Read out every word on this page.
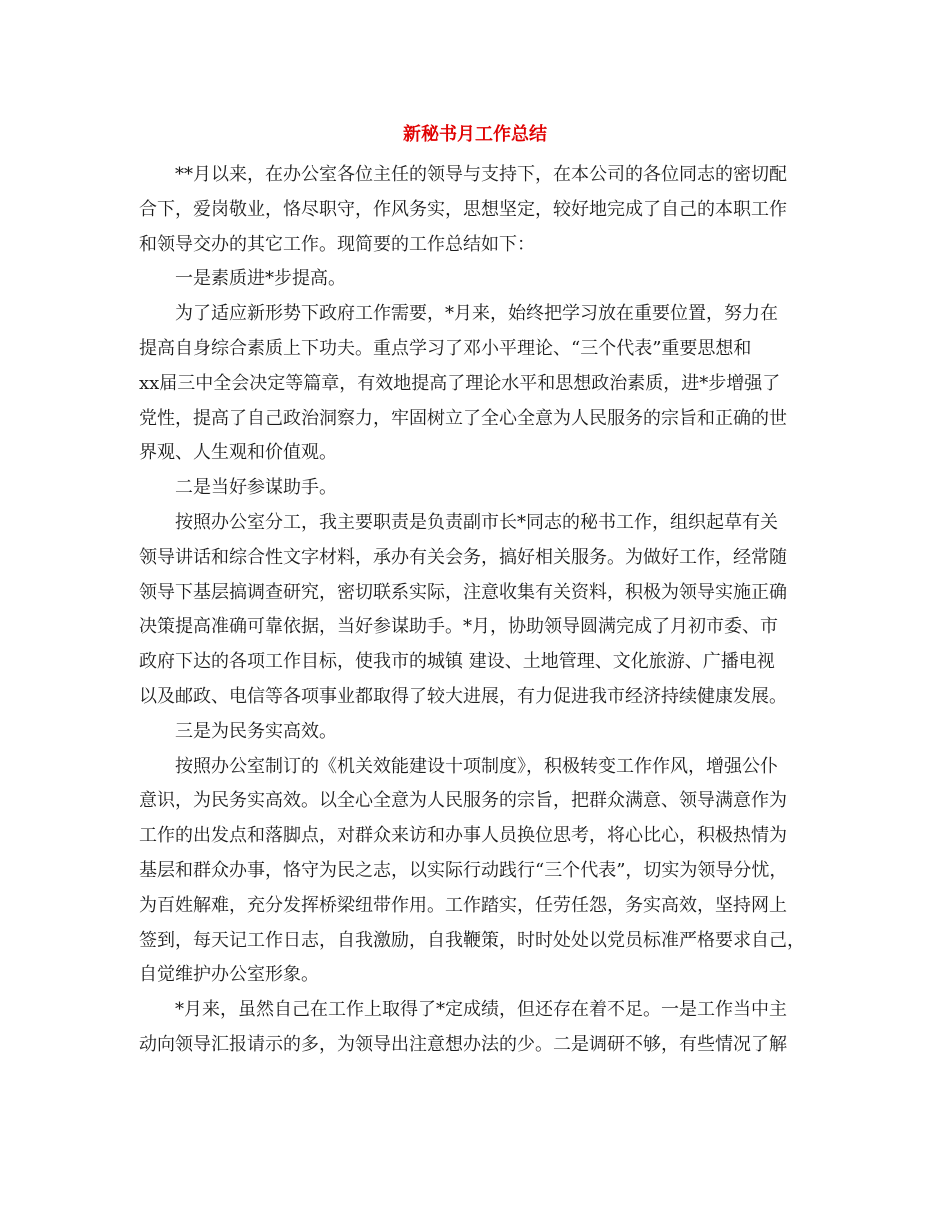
新秘书月工作总结

**月以来，在办公室各位主任的领导与支持下，在本公司的各位同志的密切配
合下，爱岗敬业，恪尽职守，作风务实，思想坚定，较好地完成了自己的本职工作
和领导交办的其它工作。现简要的工作总结如下：

一是素质进*步提高。

为了适应新形势下政府工作需要，*月来，始终把学习放在重要位置，努力在
提高自身综合素质上下功夫。重点学习了邓小平理论、“三个代表”重要思想和
xx届三中全会决定等篇章，有效地提高了理论水平和思想政治素质，进*步增强了
党性，提高了自己政治洞察力，牢固树立了全心全意为人民服务的宗旨和正确的世
界观、人生观和价值观。

二是当好参谋助手。

按照办公室分工，我主要职责是负责副市长*同志的秘书工作，组织起草有关
领导讲话和综合性文字材料，承办有关会务，搞好相关服务。为做好工作，经常随
领导下基层搞调查研究，密切联系实际，注意收集有关资料，积极为领导实施正确
决策提高准确可靠依据，当好参谋助手。*月，协助领导圆满完成了月初市委、市
政府下达的各项工作目标，使我市的城镇 建设、土地管理、文化旅游、广播电视
以及邮政、电信等各项事业都取得了较大进展，有力促进我市经济持续健康发展。

三是为民务实高效。

按照办公室制订的《机关效能建设十项制度》，积极转变工作作风，增强公仆
意识，为民务实高效。以全心全意为人民服务的宗旨，把群众满意、领导满意作为
工作的出发点和落脚点，对群众来访和办事人员换位思考，将心比心，积极热情为
基层和群众办事，恪守为民之志，以实际行动践行“三个代表”，切实为领导分忧，
为百姓解难，充分发挥桥梁纽带作用。工作踏实，任劳任怨，务实高效，坚持网上
签到，每天记工作日志，自我激励，自我鞭策，时时处处以党员标准严格要求自己，
自觉维护办公室形象。

*月来，虽然自己在工作上取得了*定成绩，但还存在着不足。一是工作当中主
动向领导汇报请示的多，为领导出注意想办法的少。二是调研不够，有些情况了解
